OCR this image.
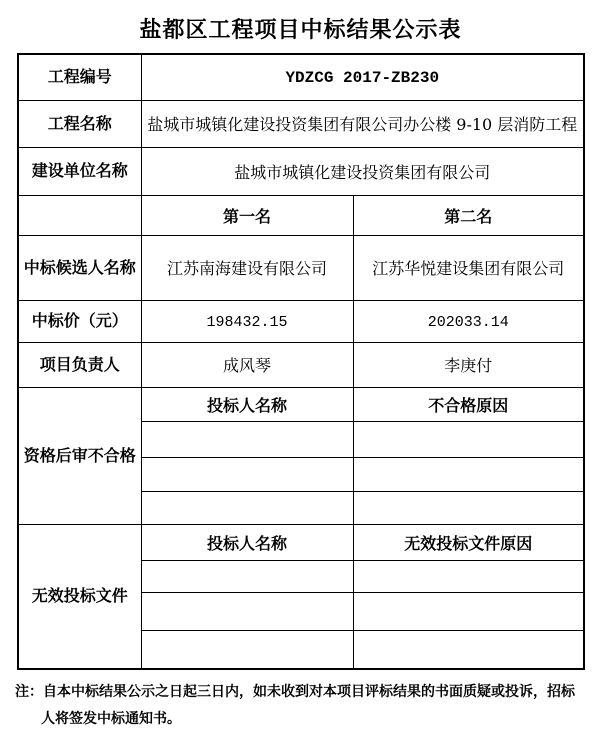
盐都区工程项目中标结果公示表
工程编号	YDZCG 2017-ZB230	
工程名称	盐城市城镇化建设投资集团有限公司办公楼 9-10 层消防工程	
建设单位名称	盐城市城镇化建设投资集团有限公司	
	第一名	第二名
中标候选人名称	江苏南海建设有限公司	江苏华悦建设集团有限公司
中标价（元）	198432.15	202033.14
项目负责人	成风琴	李庚付
资格后审不合格	投标人名称	不合格原因

无效投标文件	投标人名称	无效投标文件原因

注：自本中标结果公示之日起三日内，如未收到对本项目评标结果的书面质疑或投诉，招标人将签发中标通知书。
